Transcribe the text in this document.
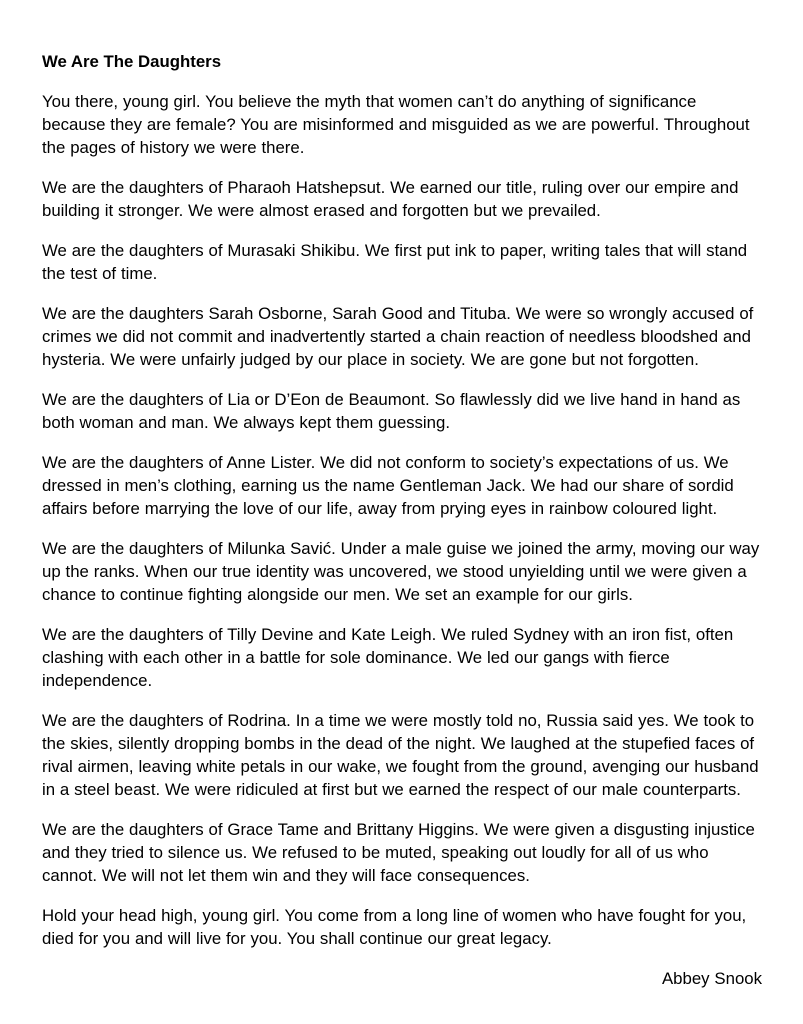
We Are The Daughters

You there, young girl. You believe the myth that women can’t do anything of significance because they are female? You are misinformed and misguided as we are powerful. Throughout the pages of history we were there.

We are the daughters of Pharaoh Hatshepsut. We earned our title, ruling over our empire and building it stronger. We were almost erased and forgotten but we prevailed.

We are the daughters of Murasaki Shikibu. We first put ink to paper, writing tales that will stand the test of time.

We are the daughters Sarah Osborne, Sarah Good and Tituba. We were so wrongly accused of crimes we did not commit and inadvertently started a chain reaction of needless bloodshed and hysteria. We were unfairly judged by our place in society. We are gone but not forgotten.

We are the daughters of Lia or D’Eon de Beaumont. So flawlessly did we live hand in hand as both woman and man. We always kept them guessing.

We are the daughters of Anne Lister. We did not conform to society’s expectations of us. We dressed in men’s clothing, earning us the name Gentleman Jack. We had our share of sordid affairs before marrying the love of our life, away from prying eyes in rainbow coloured light.

We are the daughters of Milunka Savić. Under a male guise we joined the army, moving our way up the ranks. When our true identity was uncovered, we stood unyielding until we were given a chance to continue fighting alongside our men. We set an example for our girls.

We are the daughters of Tilly Devine and Kate Leigh. We ruled Sydney with an iron fist, often clashing with each other in a battle for sole dominance. We led our gangs with fierce independence.

We are the daughters of Rodrina. In a time we were mostly told no, Russia said yes. We took to the skies, silently dropping bombs in the dead of the night. We laughed at the stupefied faces of rival airmen, leaving white petals in our wake, we fought from the ground, avenging our husband in a steel beast. We were ridiculed at first but we earned the respect of our male counterparts.

We are the daughters of Grace Tame and Brittany Higgins. We were given a disgusting injustice and they tried to silence us. We refused to be muted, speaking out loudly for all of us who cannot. We will not let them win and they will face consequences.

Hold your head high, young girl. You come from a long line of women who have fought for you, died for you and will live for you. You shall continue our great legacy.

Abbey Snook
